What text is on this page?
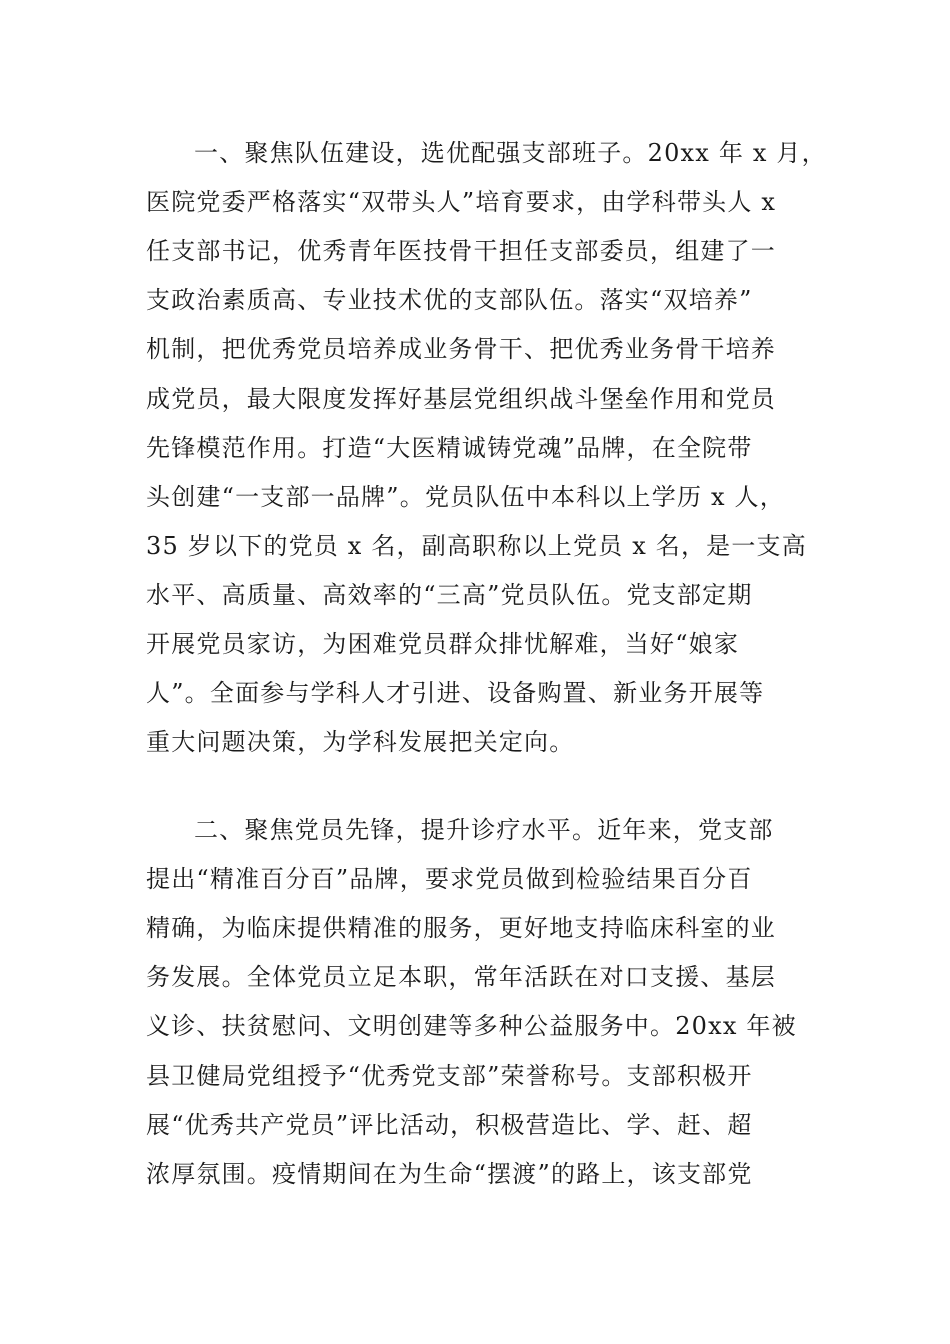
一、聚焦队伍建设，选优配强支部班子。20xx 年 x 月，
医院党委严格落实“双带头人”培育要求，由学科带头人 x
任支部书记，优秀青年医技骨干担任支部委员，组建了一
支政治素质高、专业技术优的支部队伍。落实“双培养”
机制，把优秀党员培养成业务骨干、把优秀业务骨干培养
成党员，最大限度发挥好基层党组织战斗堡垒作用和党员
先锋模范作用。打造“大医精诚铸党魂”品牌，在全院带
头创建“一支部一品牌”。党员队伍中本科以上学历 x 人，
35 岁以下的党员 x 名，副高职称以上党员 x 名，是一支高
水平、高质量、高效率的“三高”党员队伍。党支部定期
开展党员家访，为困难党员群众排忧解难，当好“娘家
人”。全面参与学科人才引进、设备购置、新业务开展等
重大问题决策，为学科发展把关定向。
二、聚焦党员先锋，提升诊疗水平。近年来，党支部
提出“精准百分百”品牌，要求党员做到检验结果百分百
精确，为临床提供精准的服务，更好地支持临床科室的业
务发展。全体党员立足本职，常年活跃在对口支援、基层
义诊、扶贫慰问、文明创建等多种公益服务中。20xx 年被
县卫健局党组授予“优秀党支部”荣誉称号。支部积极开
展“优秀共产党员”评比活动，积极营造比、学、赶、超
浓厚氛围。疫情期间在为生命“摆渡”的路上，该支部党
